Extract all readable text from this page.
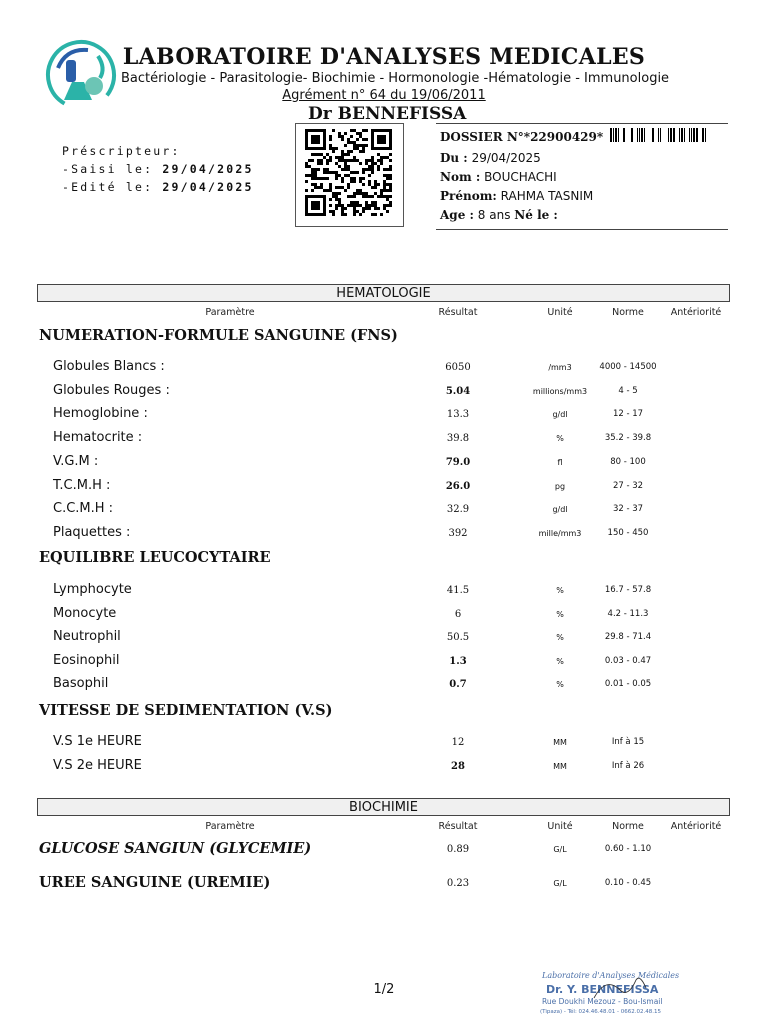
LABORATOIRE D'ANALYSES MEDICALES
Bactériologie - Parasitologie- Biochimie - Hormonologie -Hématologie - Immunologie
Agrément n° 64 du 19/06/2011
Dr BENNEFISSA
Préscripteur:
-Saisi le: 29/04/2025
-Edité le: 29/04/2025
DOSSIER N°*22900429*
Du : 29/04/2025
Nom : BOUCHACHI
Prénom: RAHMA TASNIM
Age : 8 ans Né le :
HEMATOLOGIE
BIOCHIMIE
1/2
Laboratoire d'Analyses Médicales
Dr. Y. BENNEFISSA
Rue Doukhi Mezouz - Bou-Ismail
(Tipaza) - Tél: 024.46.48.01 - 0662.02.48.15
Paramètre	Résultat	Unité	Norme	Antériorité
NUMERATION-FORMULE SANGUINE (FNS)
Globules Blancs :	6050	/mm3	4000 - 14500
Globules Rouges :	5.04	millions/mm3	4 - 5
Hemoglobine :	13.3	g/dl	12 - 17
Hematocrite :	39.8	%	35.2 - 39.8
V.G.M :	79.0	fl	80 - 100
T.C.M.H :	26.0	pg	27 - 32
C.C.M.H :	32.9	g/dl	32 - 37
Plaquettes :	392	mille/mm3	150 - 450
EQUILIBRE LEUCOCYTAIRE
Lymphocyte	41.5	%	16.7 - 57.8
Monocyte	6	%	4.2 - 11.3
Neutrophil	50.5	%	29.8 - 71.4
Eosinophil	1.3	%	0.03 - 0.47
Basophil	0.7	%	0.01 - 0.05
VITESSE DE SEDIMENTATION (V.S)
V.S 1e HEURE	12	MM	Inf à 15
V.S 2e HEURE	28	MM	Inf à 26
Paramètre	Résultat	Unité	Norme	Antériorité
GLUCOSE SANGIUN (GLYCEMIE)	0.89	G/L	0.60 - 1.10
UREE SANGUINE (UREMIE)	0.23	G/L	0.10 - 0.45
